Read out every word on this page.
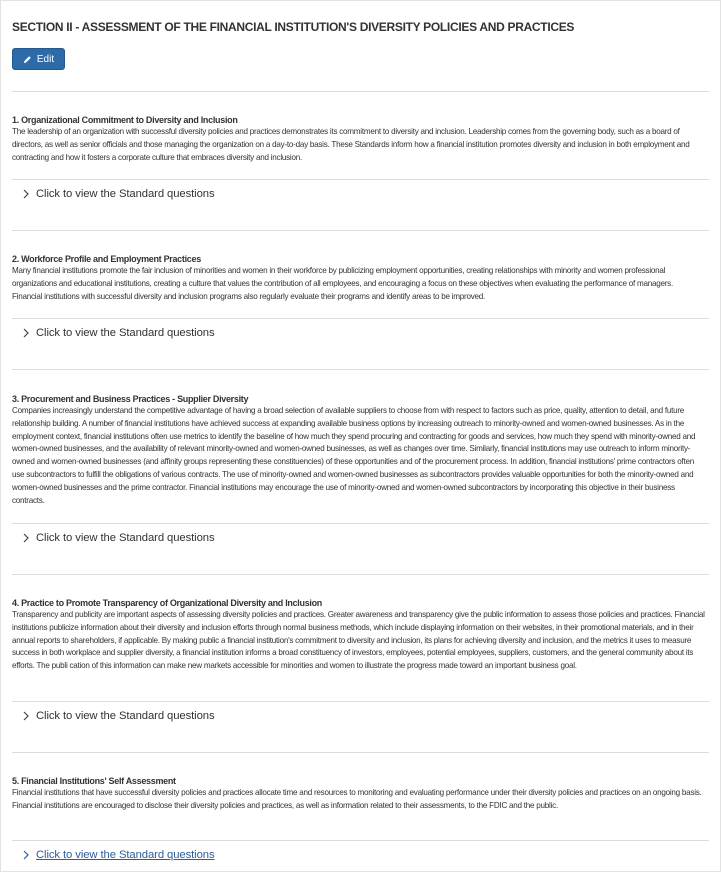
SECTION II - ASSESSMENT OF THE FINANCIAL INSTITUTION'S DIVERSITY POLICIES AND PRACTICES
Edit
1. Organizational Commitment to Diversity and Inclusion
The leadership of an organization with successful diversity policies and practices demonstrates its commitment to diversity and inclusion. Leadership comes from the governing body, such as a board of directors, as well as senior officials and those managing the organization on a day-to-day basis. These Standards inform how a financial institution promotes diversity and inclusion in both employment and contracting and how it fosters a corporate culture that embraces diversity and inclusion.
Click to view the Standard questions
2. Workforce Profile and Employment Practices
Many financial institutions promote the fair inclusion of minorities and women in their workforce by publicizing employment opportunities, creating relationships with minority and women professional organizations and educational institutions, creating a culture that values the contribution of all employees, and encouraging a focus on these objectives when evaluating the performance of managers. Financial institutions with successful diversity and inclusion programs also regularly evaluate their programs and identify areas to be improved.
Click to view the Standard questions
3. Procurement and Business Practices - Supplier Diversity
Companies increasingly understand the competitive advantage of having a broad selection of available suppliers to choose from with respect to factors such as price, quality, attention to detail, and future relationship building. A number of financial institutions have achieved success at expanding available business options by increasing outreach to minority-owned and women-owned businesses. As in the employment context, financial institutions often use metrics to identify the baseline of how much they spend procuring and contracting for goods and services, how much they spend with minority-owned and women-owned businesses, and the availability of relevant minority-owned and women-owned businesses, as well as changes over time. Similarly, financial institutions may use outreach to inform minority-owned and women-owned businesses (and affinity groups representing these constituencies) of these opportunities and of the procurement process. In addition, financial institutions' prime contractors often use subcontractors to fulfill the obligations of various contracts. The use of minority-owned and women-owned businesses as subcontractors provides valuable opportunities for both the minority-owned and women-owned businesses and the prime contractor. Financial institutions may encourage the use of minority-owned and women-owned subcontractors by incorporating this objective in their business contracts.
Click to view the Standard questions
4. Practice to Promote Transparency of Organizational Diversity and Inclusion
Transparency and publicity are important aspects of assessing diversity policies and practices. Greater awareness and transparency give the public information to assess those policies and practices. Financial institutions publicize information about their diversity and inclusion efforts through normal business methods, which include displaying information on their websites, in their promotional materials, and in their annual reports to shareholders, if applicable. By making public a financial institution's commitment to diversity and inclusion, its plans for achieving diversity and inclusion, and the metrics it uses to measure success in both workplace and supplier diversity, a financial institution informs a broad constituency of investors, employees, potential employees, suppliers, customers, and the general community about its efforts. The publi cation of this information can make new markets accessible for minorities and women to illustrate the progress made toward an important business goal.
Click to view the Standard questions
5. Financial Institutions' Self Assessment
Financial institutions that have successful diversity policies and practices allocate time and resources to monitoring and evaluating performance under their diversity policies and practices on an ongoing basis. Financial institutions are encouraged to disclose their diversity policies and practices, as well as information related to their assessments, to the FDIC and the public.
Click to view the Standard questions
